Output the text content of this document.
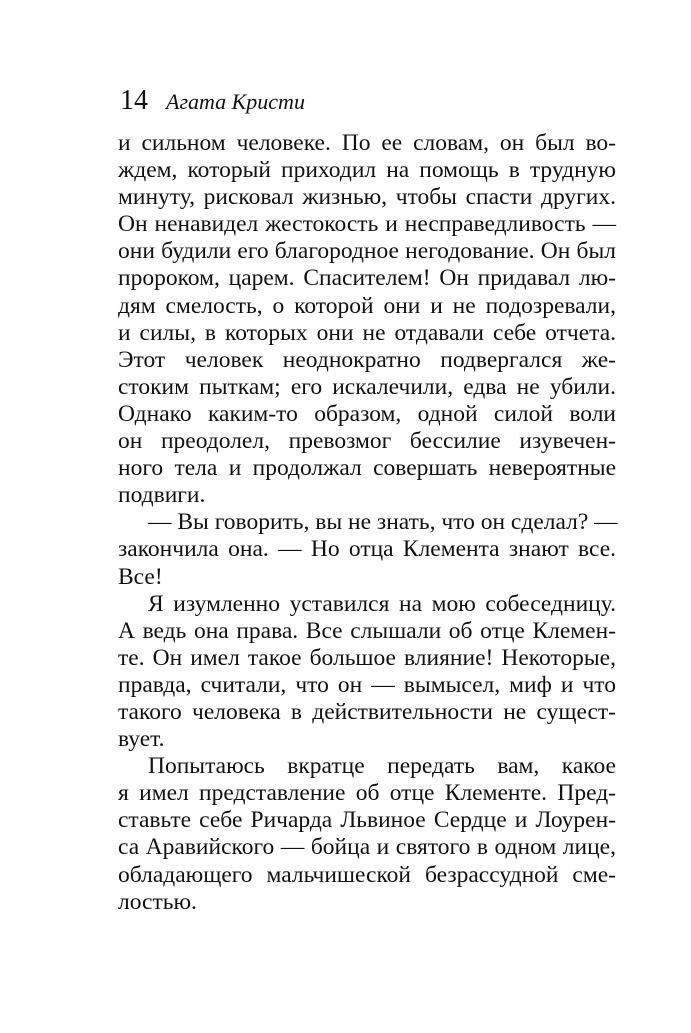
14 Агата Кристи
и сильном человеке. По ее словам, он был во-
ждем, который приходил на помощь в трудную
минуту, рисковал жизнью, чтобы спасти других.
Он ненавидел жестокость и несправедливость —
они будили его благородное негодование. Он был
пророком, царем. Спасителем! Он придавал лю-
дям смелость, о которой они и не подозревали,
и силы, в которых они не отдавали себе отчета.
Этот человек неоднократно подвергался же-
стоким пыткам; его искалечили, едва не убили.
Однако каким-то образом, одной силой воли
он преодолел, превозмог бессилие изувечен-
ного тела и продолжал совершать невероятные
подвиги.
— Вы говорить, вы не знать, что он сделал? —
закончила она. — Но отца Клемента знают все.
Все!
Я изумленно уставился на мою собеседницу.
А ведь она права. Все слышали об отце Клемен-
те. Он имел такое большое влияние! Некоторые,
правда, считали, что он — вымысел, миф и что
такого человека в действительности не сущест-
вует.
Попытаюсь вкратце передать вам, какое
я имел представление об отце Клементе. Пред-
ставьте себе Ричарда Львиное Сердце и Лоурен-
са Аравийского — бойца и святого в одном лице,
обладающего мальчишеской безрассудной сме-
лостью.
